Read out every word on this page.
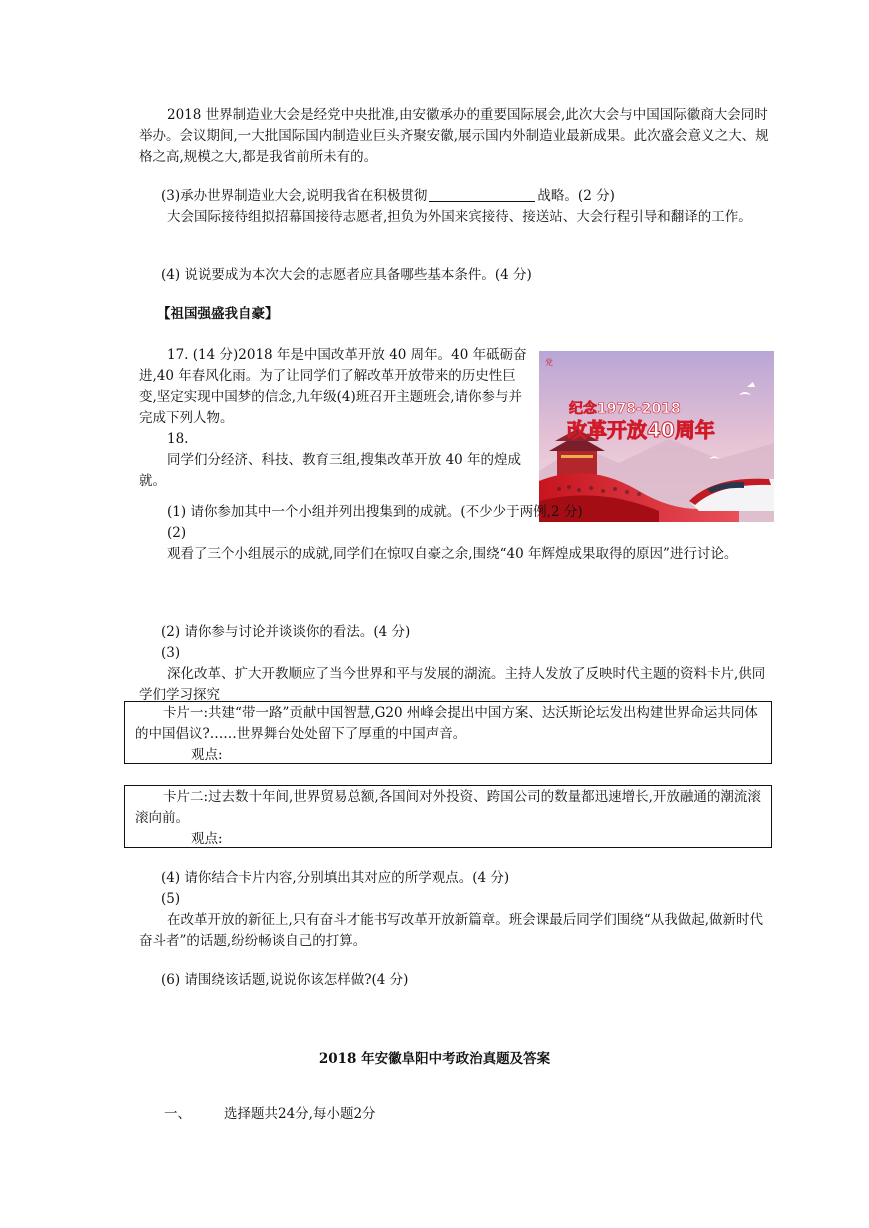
2018 世界制造业大会是经党中央批准,由安徽承办的重要国际展会,此次大会与中国国际徽商大会同时举办。会议期间,一大批国际国内制造业巨头齐聚安徽,展示国内外制造业最新成果。此次盛会意义之大、规格之高,规模之大,都是我省前所未有的。

(3)承办世界制造业大会,说明我省在积极贯彻	战略。(2 分)

大会国际接待组拟招幕国接待志愿者,担负为外国来宾接待、接送站、大会行程引导和翻译的工作。

(4) 说说要成为本次大会的志愿者应具备哪些基本条件。(4 分)

【祖国强盛我自豪】

17. (14 分)2018 年是中国改革开放 40 周年。40 年砥砺奋进,40 年春风化雨。为了让同学们了解改革开放带来的历史性巨变,坚定实现中国梦的信念,九年级(4)班召开主题班会,请你参与并完成下列人物。

18.

同学们分经济、科技、教育三组,搜集改革开放 40 年的煌成就。

纪念1978-2018
改革开放40周年
党

(1) 请你参加其中一个小组并列出搜集到的成就。(不少少于两例,2 分)

(2)

观看了三个小组展示的成就,同学们在惊叹自豪之余,围绕“40 年辉煌成果取得的原因”进行讨论。

(2) 请你参与讨论并谈谈你的看法。(4 分)

(3)

深化改革、扩大开教顺应了当今世界和平与发展的湖流。主持人发放了反映时代主题的资料卡片,供同学们学习探究

卡片一:共建“带一路”贡献中国智慧,G20 州峰会提出中国方案、达沃斯论坛发出构建世界命运共同体的中国倡议?……世界舞台处处留下了厚重的中国声音。

观点:

卡片二:过去数十年间,世界贸易总额,各国间对外投资、跨国公司的数量都迅速增长,开放融通的潮流滚滚向前。

观点:

(4) 请你结合卡片内容,分别填出其对应的所学观点。(4 分)

(5)

在改革开放的新征上,只有奋斗才能书写改革开放新篇章。班会课最后同学们围绕“从我做起,做新时代奋斗者”的话题,纷纷畅谈自己的打算。

(6) 请围绕该话题,说说你该怎样做?(4 分)

2018 年安徽阜阳中考政治真题及答案
一、 选择题共24分,每小题2分
